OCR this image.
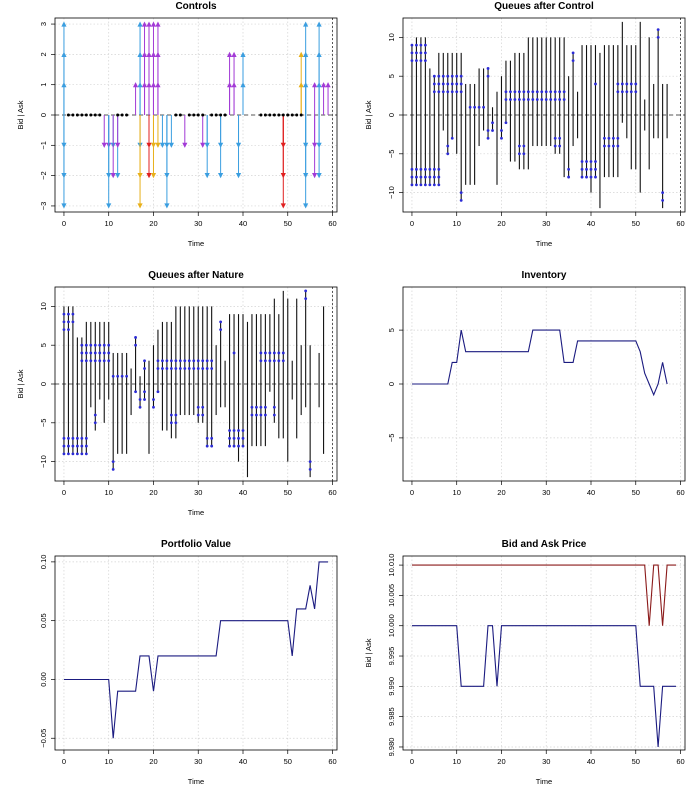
Controls
0	10	20	30	40	50	60
−3
−2
−1
0
1
2
3
Time
Bid | Ask
Queues after Control
0	10	20	30	40	50	60
−10
−5
0
5
10
Time
Bid | Ask
Queues after Nature
0	10	20	30	40	50	60
−10
−5
0
5
10
Time
Bid | Ask
Inventory
0	10	20	30	40	50	60
−5
0
5
Portfolio Value
0	10	20	30	40	50	60
−0.05
0.00
0.05
0.10
Time
Bid and Ask Price
0	10	20	30	40	50	60
9.980
9.985
9.990
9.995
10.000
10.005
10.010
Time
Bid | Ask
